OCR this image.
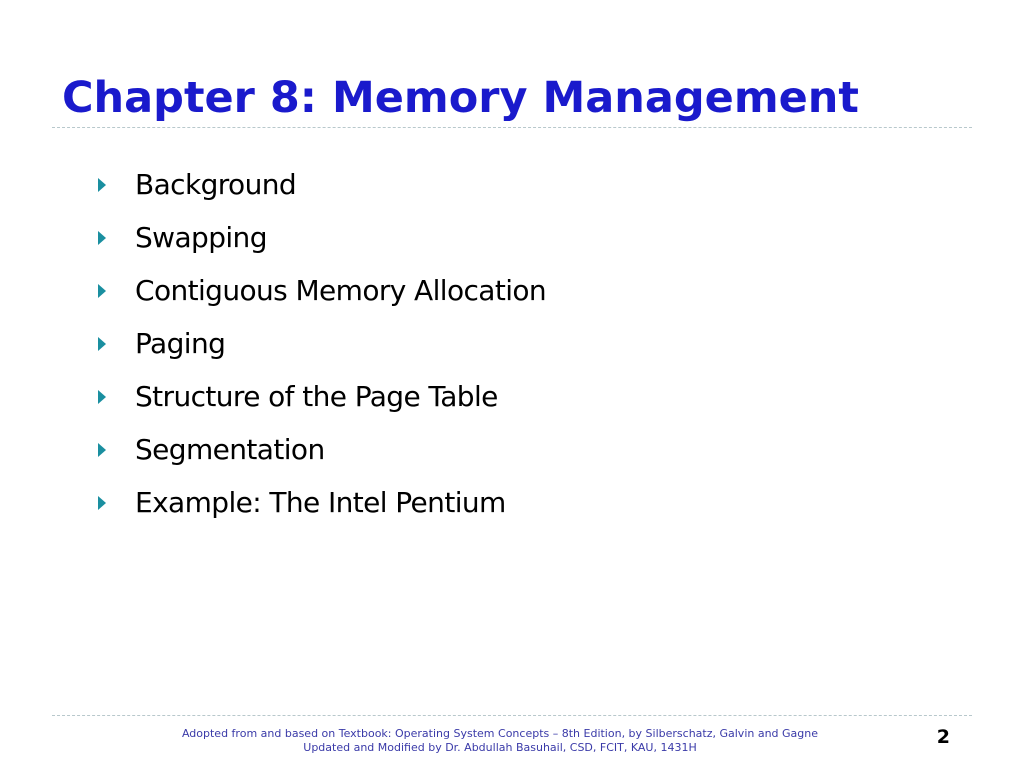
Chapter 8: Memory Management
Background
Swapping
Contiguous Memory Allocation
Paging
Structure of the Page Table
Segmentation
Example: The Intel Pentium
Adopted from and based on Textbook: Operating System Concepts – 8th Edition, by Silberschatz, Galvin and Gagne
Updated and Modified by Dr. Abdullah Basuhail, CSD, FCIT, KAU, 1431H	2
